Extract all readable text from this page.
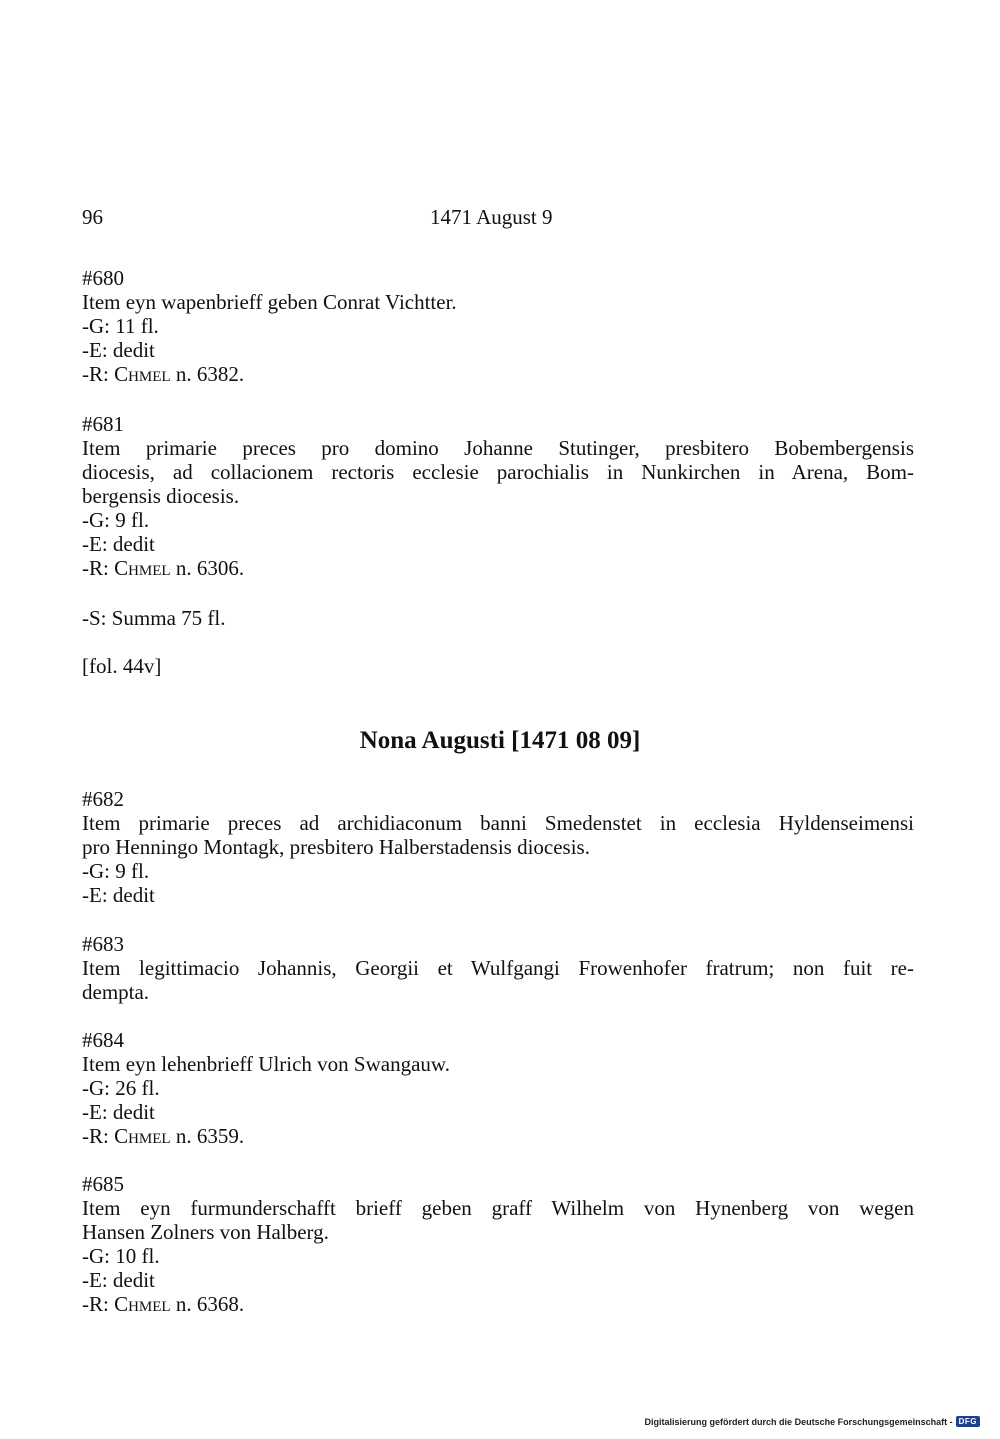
96	1471 August 9
#680
Item eyn wapenbrieff geben Conrat Vichtter.
-G: 11 fl.
-E: dedit
-R: Chmel n. 6382.
#681
Item primarie preces pro domino Johanne Stutinger, presbitero Bobembergensis
diocesis, ad collacionem rectoris ecclesie parochialis in Nunkirchen in Arena, Bom-
bergensis diocesis.
-G: 9 fl.
-E: dedit
-R: Chmel n. 6306.
-S: Summa 75 fl.
[fol. 44v]
Nona Augusti [1471 08 09]
#682
Item primarie preces ad archidiaconum banni Smedenstet in ecclesia Hyldenseimensi
pro Henningo Montagk, presbitero Halberstadensis diocesis.
-G: 9 fl.
-E: dedit
#683
Item legittimacio Johannis, Georgii et Wulfgangi Frowenhofer fratrum; non fuit re-
dempta.
#684
Item eyn lehenbrieff Ulrich von Swangauw.
-G: 26 fl.
-E: dedit
-R: Chmel n. 6359.
#685
Item eyn furmunderschafft brieff geben graff Wilhelm von Hynenberg von wegen
Hansen Zolners von Halberg.
-G: 10 fl.
-E: dedit
-R: Chmel n. 6368.
Digitalisierung gefördert durch die Deutsche Forschungsgemeinschaft - DFG
